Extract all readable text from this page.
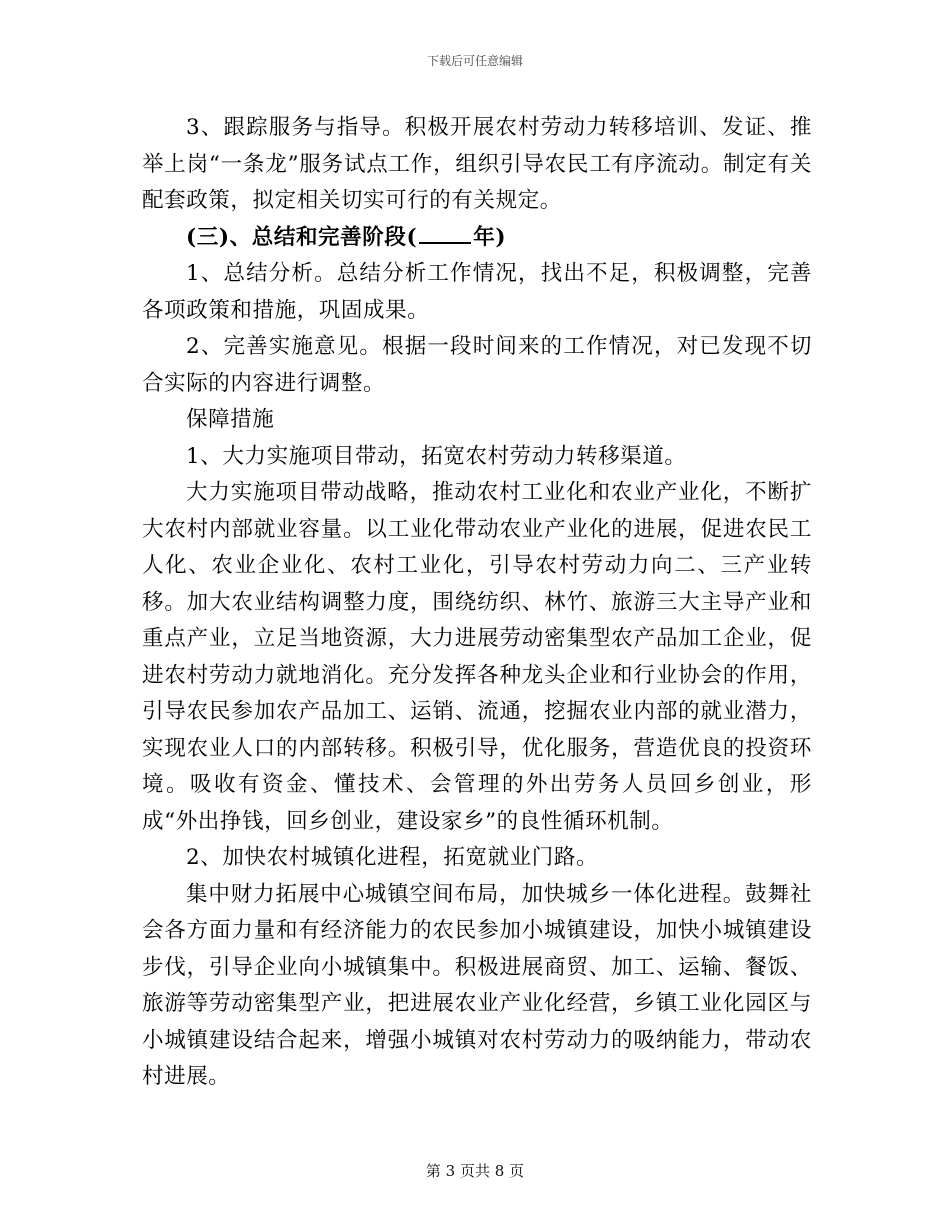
下载后可任意编辑

3、跟踪服务与指导。积极开展农村劳动力转移培训、发证、推举上岗“一条龙”服务试点工作，组织引导农民工有序流动。制定有关配套政策，拟定相关切实可行的有关规定。

(三)、总结和完善阶段(	年)

1、总结分析。总结分析工作情况，找出不足，积极调整，完善各项政策和措施，巩固成果。

2、完善实施意见。根据一段时间来的工作情况，对已发现不切合实际的内容进行调整。

保障措施

1、大力实施项目带动，拓宽农村劳动力转移渠道。

大力实施项目带动战略，推动农村工业化和农业产业化，不断扩大农村内部就业容量。以工业化带动农业产业化的进展，促进农民工人化、农业企业化、农村工业化，引导农村劳动力向二、三产业转移。加大农业结构调整力度，围绕纺织、林竹、旅游三大主导产业和重点产业，立足当地资源，大力进展劳动密集型农产品加工企业，促进农村劳动力就地消化。充分发挥各种龙头企业和行业协会的作用，引导农民参加农产品加工、运销、流通，挖掘农业内部的就业潜力，实现农业人口的内部转移。积极引导，优化服务，营造优良的投资环境。吸收有资金、懂技术、会管理的外出劳务人员回乡创业，形成“外出挣钱，回乡创业，建设家乡”的良性循环机制。

2、加快农村城镇化进程，拓宽就业门路。

集中财力拓展中心城镇空间布局，加快城乡一体化进程。鼓舞社会各方面力量和有经济能力的农民参加小城镇建设，加快小城镇建设步伐，引导企业向小城镇集中。积极进展商贸、加工、运输、餐饭、旅游等劳动密集型产业，把进展农业产业化经营，乡镇工业化园区与小城镇建设结合起来，增强小城镇对农村劳动力的吸纳能力，带动农村进展。

第 3 页共 8 页
